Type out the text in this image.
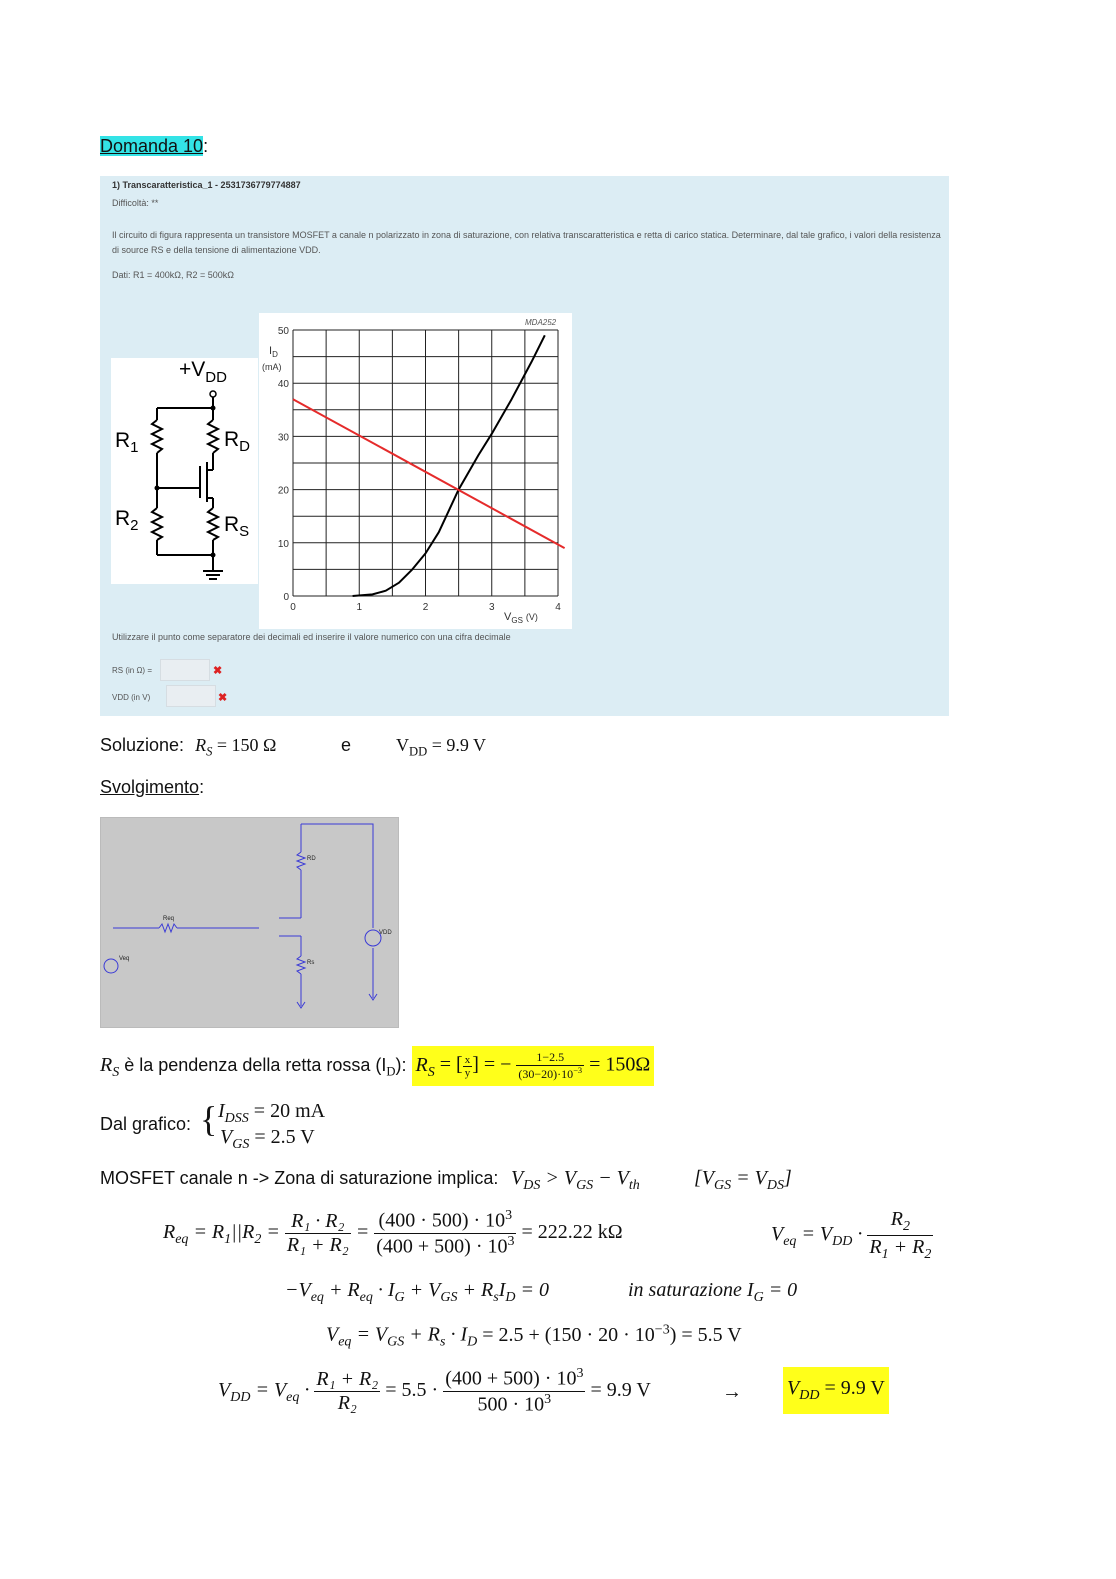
Domanda 10:
1) Transcaratteristica_1 - 2531736779774887
Difficoltà: **
Il circuito di figura rappresenta un transistore MOSFET a canale n polarizzato in zona di saturazione, con relativa transcaratteristica e retta di carico statica. Determinare, dal tale grafico, i valori della resistenza di source RS e della tensione di alimentazione VDD.
Dati: R1 = 400kΩ, R2 = 500kΩ
$+V_{DD}$
$R_1$
$R_2$
$R_D$
$R_S$
0	1	2	3	4
0
10
20
30
40
50
MDA252
$I_D$
(mA)
$V_{GS}$ $^{(V)}$
Utilizzare il punto come separatore dei decimali ed inserire il valore numerico con una cifra decimale
RS (in Ω) =	✖
VDD (in V)	✖
Soluzione: $R_S = 150$ Ω	e $V_{DD} = 9.9$ V
Svolgimento:
RD
Req
Rs
VDD
Veq
$R_S$ è la pendenza della retta rossa $(I_D)$: $R_S$ = [ $\frac{x}{y}$ ] = − $\frac{1-2.5}{(30-20)\cdot 10^{-3}} = 150\Omega$
Dal grafico: { $I_{DSS} = 20$ mA
$V_{GS} = 2.5$ V
MOSFET canale n -> Zona di saturazione implica: $V_{DS} > V_{GS} - V_{th}$	$[V_{GS} = V_{DS}]$
$R_{eq} = R_1||R_2 = \frac{\text{R₁ · R₂}}{\text{R₁ + R₂}} = \frac{(400 \cdot 500) \cdot 10^3}{(400 + 500) \cdot 10^3} = 222.22$ kΩ	$V_{eq} = V_{DD} \cdot \frac{R_2}{R_1 + R_2}$
$-V_{eq} + R_{eq} \cdot I_G + V_{GS} + R_sI_D = 0$	in saturazione $I_G = 0$
$V_{eq} = V_{GS} + R_s \cdot I_D = 2.5 + (150 \cdot 20 \cdot 10^{-3}) = 5.5$ V
$V_{DD} = V_{eq} \cdot \frac{\text{R₁ + R₂}}{\text{R₂}} = 5.5 \cdot \frac{(400 + 500) \cdot 10^3}{500 \cdot 10^3} = 9.9$ V	→ $V_{DD} = 9.9$ V
